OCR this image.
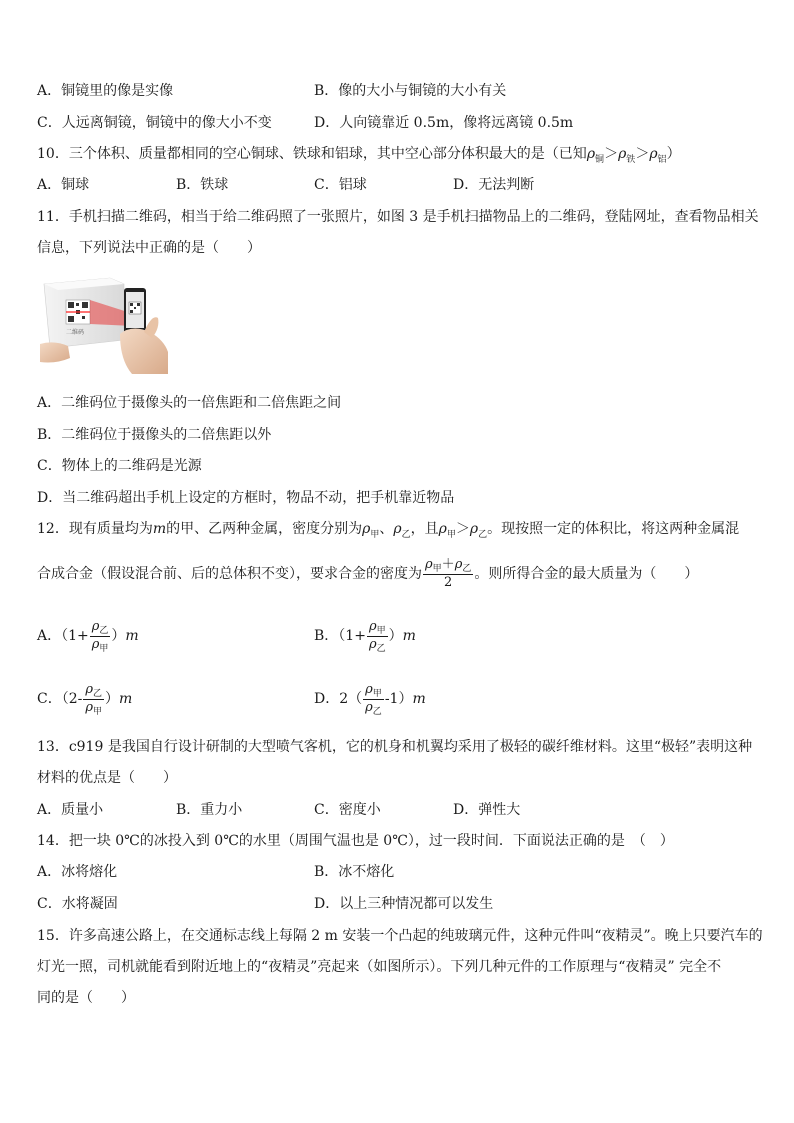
A．铜镜里的像是实像	B．像的大小与铜镜的大小有关
C．人远离铜镜，铜镜中的像大小不变	D．人向镜靠近 0.5m，像将远离镜 0.5m
10．三个体积、质量都相同的空心铜球、铁球和铝球，其中空心部分体积最大的是（已知$\rho_铜>\rho_铁>\rho_铝$）
A．铜球	B．铁球	C．铝球	D．无法判断
11．手机扫描二维码，相当于给二维码照了一张照片，如图 3 是手机扫描物品上的二维码，登陆网址，查看物品相关
信息，下列说法中正确的是（　　）
二维码
A．二维码位于摄像头的一倍焦距和二倍焦距之间
B．二维码位于摄像头的二倍焦距以外
C．物体上的二维码是光源
D．当二维码超出手机上设定的方框时，物品不动，把手机靠近物品
12．现有质量均为m的甲、乙两种金属，密度分别为$\rho_甲$、$\rho_乙$，且$\rho_甲>\rho_乙$。现按照一定的体积比，将这两种金属混
合成合金（假设混合前、后的总体积不变），要求合金的密度为 $\frac{\rho_甲+\rho_乙}{2}$ 。则所得合金的最大质量为（　　）
A．$(1+ \frac{\rho_乙}{\rho_甲} )m$	B．$(1+ \frac{\rho_甲}{\rho_乙} )m$
C．$(2- \frac{\rho_乙}{\rho_甲} )m$	D．$2( \frac{\rho_甲}{\rho_乙} -1)m$
13．c919 是我国自行设计研制的大型喷气客机，它的机身和机翼均采用了极轻的碳纤维材料。这里“极轻”表明这种
材料的优点是（　　）
A．质量小	B．重力小	C．密度小	D．弹性大
14．把一块 0℃的冰投入到 0℃的水里（周围气温也是 0℃），过一段时间．下面说法正确的是　（　）
A．冰将熔化	B．冰不熔化
C．水将凝固	D．以上三种情况都可以发生
15．许多高速公路上，在交通标志线上每隔 2 m 安装一个凸起的纯玻璃元件，这种元件叫“夜精灵”。晚上只要汽车的
灯光一照，司机就能看到附近地上的“夜精灵”亮起来（如图所示）。下列几种元件的工作原理与“夜精灵” 完全不
同的是（　　）
